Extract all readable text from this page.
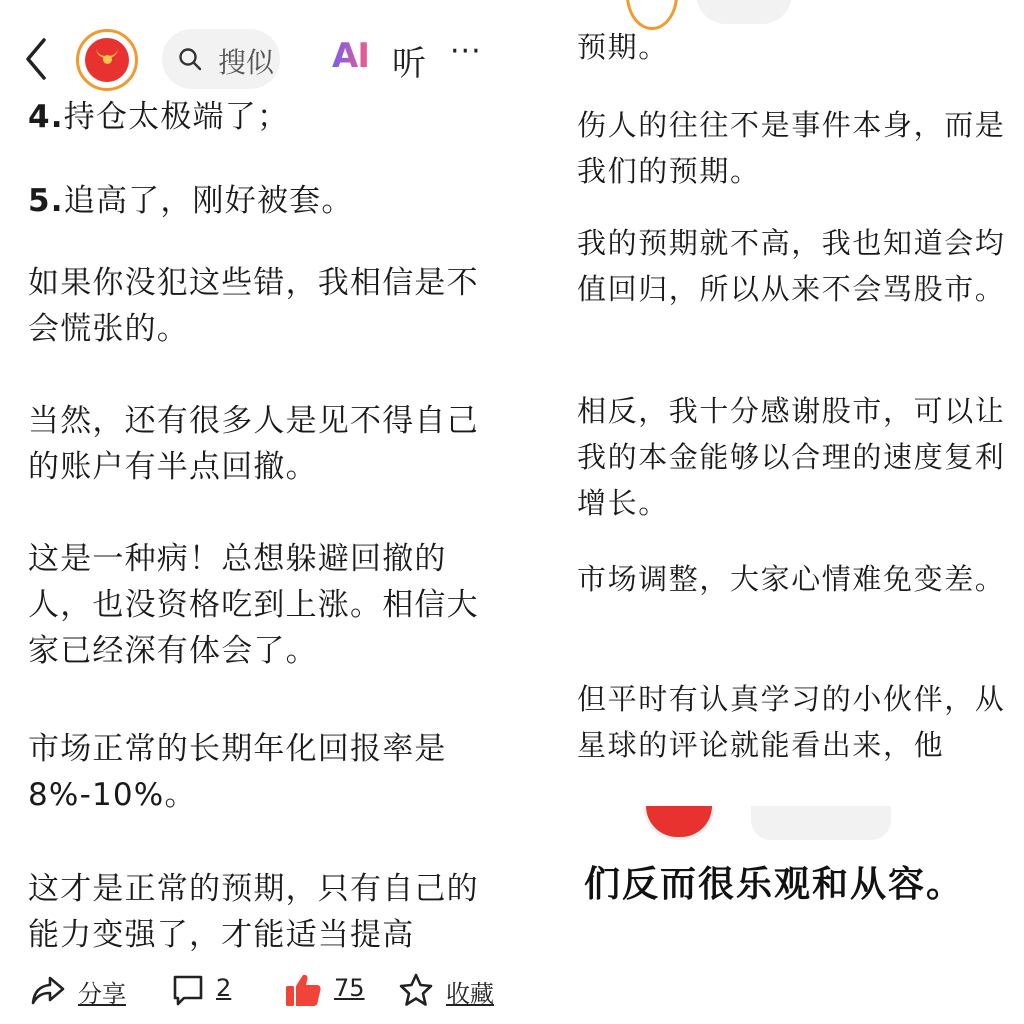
搜似 AI 听 ···

4.持仓太极端了；

5.追高了，刚好被套。

如果你没犯这些错，我相信是不会慌张的。

当然，还有很多人是见不得自己的账户有半点回撤。

这是一种病！总想躲避回撤的人，也没资格吃到上涨。相信大家已经深有体会了。

市场正常的长期年化回报率是8%-10%。

这才是正常的预期，只有自己的能力变强了，才能适当提高

分享	2	75	收藏

预期。

伤人的往往不是事件本身，而是我们的预期。

我的预期就不高，我也知道会均值回归，所以从来不会骂股市。

相反，我十分感谢股市，可以让我的本金能够以合理的速度复利增长。

市场调整，大家心情难免变差。

但平时有认真学习的小伙伴，从星球的评论就能看出来，他

们反而很乐观和从容。
